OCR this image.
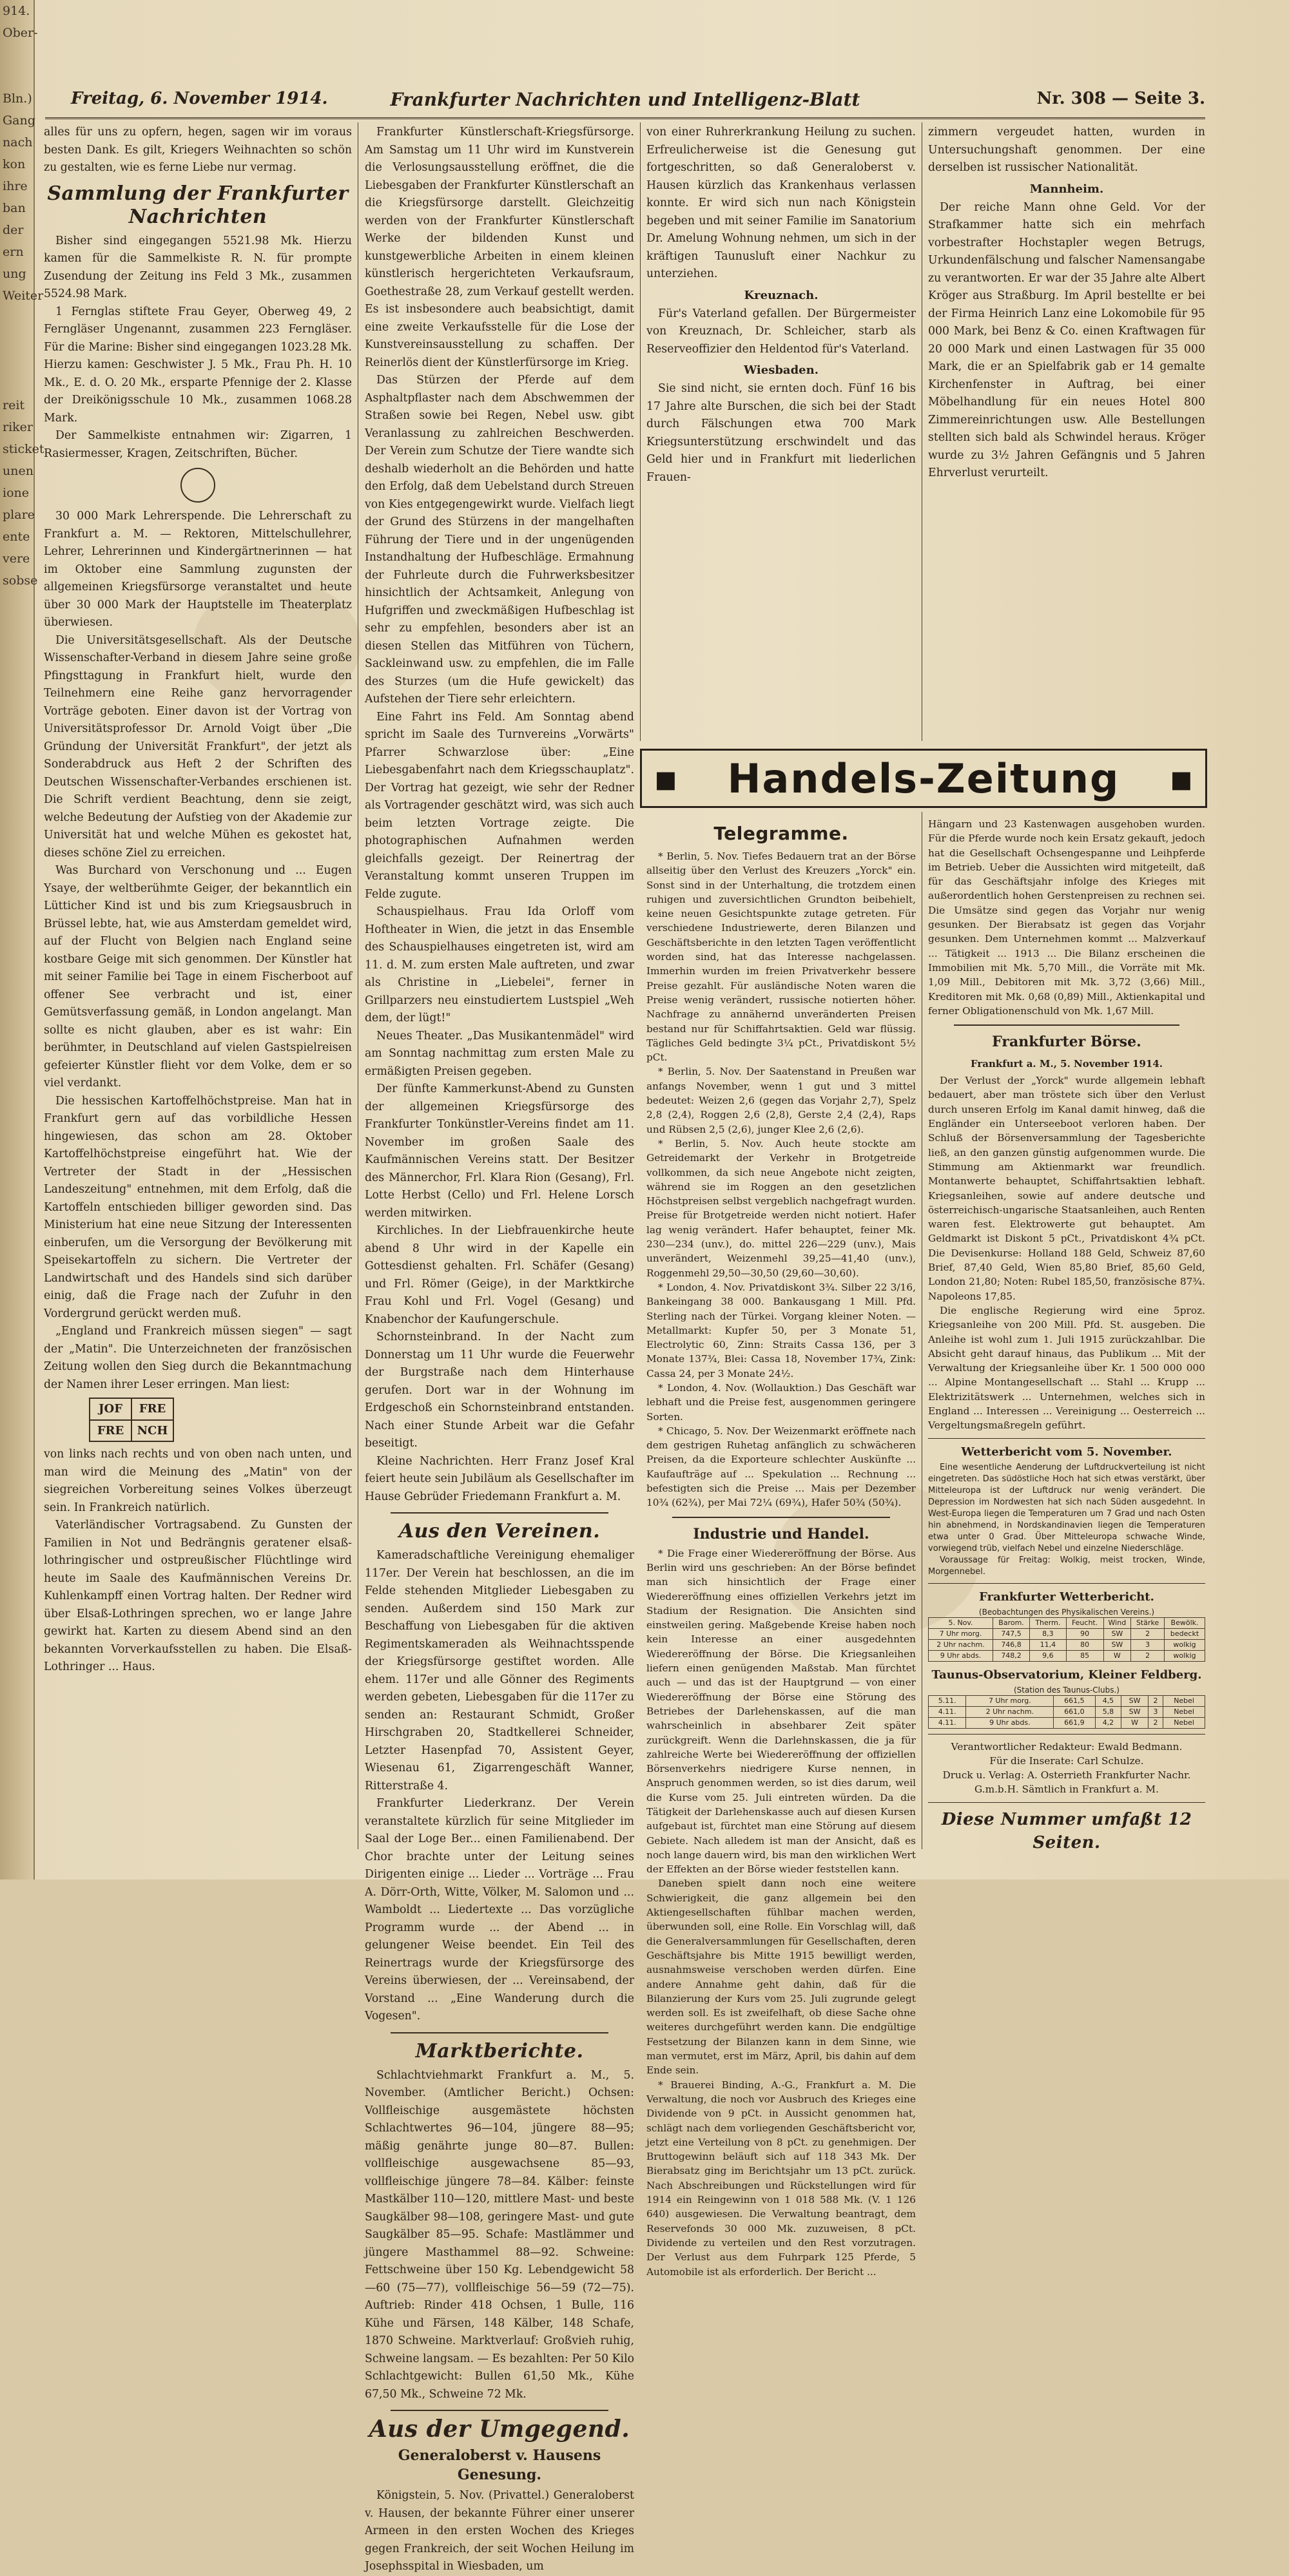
914.
Ober-

Bln.)
Gang
nach
kon
ihre
ban
der
ern
ung
Weiter

reit
riker
sticket
unen
ione
plare
ente
vere
sobse
Freitag, 6. November 1914.	Frankfurter Nachrichten und Intelligenz-Blatt	Nr. 308 — Seite 3.

alles für uns zu opfern, hegen, sagen wir im voraus besten Dank. Es gilt, Kriegers Weihnachten so schön zu gestalten, wie es ferne Liebe nur vermag.

Sammlung der Frankfurter Nachrichten

Bisher sind eingegangen 5521.98 Mk. Hierzu kamen für die Sammelkiste R. N. für prompte Zusendung der Zeitung ins Feld 3 Mk., zusammen 5524.98 Mark.

1 Fernglas stiftete Frau Geyer, Oberweg 49, 2 Ferngläser Ungenannt, zusammen 223 Ferngläser. Für die Marine: Bisher sind eingegangen 1023.28 Mk. Hierzu kamen: Geschwister J. 5 Mk., Frau Ph. H. 10 Mk., E. d. O. 20 Mk., ersparte Pfennige der 2. Klasse der Dreikönigsschule 10 Mk., zusammen 1068.28 Mark.

Der Sammelkiste entnahmen wir: Zigarren, 1 Rasiermesser, Kragen, Zeitschriften, Bücher.

30 000 Mark Lehrerspende. Die Lehrerschaft zu Frankfurt a. M. — Rektoren, Mittelschullehrer, Lehrer, Lehrerinnen und Kindergärtnerinnen — hat im Oktober eine Sammlung zugunsten der allgemeinen Kriegsfürsorge veranstaltet und heute über 30 000 Mark der Hauptstelle im Theaterplatz überwiesen.

Die Universitätsgesellschaft. Als der Deutsche Wissenschafter-Verband in diesem Jahre seine große Pfingsttagung in Frankfurt hielt, wurde den Teilnehmern eine Reihe ganz hervorragender Vorträge geboten. Einer davon ist der Vortrag von Universitätsprofessor Dr. Arnold Voigt über „Die Gründung der Universität Frankfurt", der jetzt als Sonderabdruck aus Heft 2 der Schriften des Deutschen Wissenschafter-Verbandes erschienen ist. Die Schrift verdient Beachtung, denn sie zeigt, welche Bedeutung der Aufstieg von der Akademie zur Universität hat und welche Mühen es gekostet hat, dieses schöne Ziel zu erreichen.

Was Burchard von Verschonung und ... Eugen Ysaye, der weltberühmte Geiger, der bekanntlich ein Lütticher Kind ist und bis zum Kriegsausbruch in Brüssel lebte, hat, wie aus Amsterdam gemeldet wird, auf der Flucht von Belgien nach England seine kostbare Geige mit sich genommen. Der Künstler hat mit seiner Familie bei Tage in einem Fischerboot auf offener See verbracht und ist, einer Gemütsverfassung gemäß, in London angelangt. Man sollte es nicht glauben, aber es ist wahr: Ein berühmter, in Deutschland auf vielen Gastspielreisen gefeierter Künstler flieht vor dem Volke, dem er so viel verdankt.

Die hessischen Kartoffelhöchstpreise. Man hat in Frankfurt gern auf das vorbildliche Hessen hingewiesen, das schon am 28. Oktober Kartoffelhöchstpreise eingeführt hat. Wie der Vertreter der Stadt in der „Hessischen Landeszeitung" entnehmen, mit dem Erfolg, daß die Kartoffeln entschieden billiger geworden sind. Das Ministerium hat eine neue Sitzung der Interessenten einberufen, um die Versorgung der Bevölkerung mit Speisekartoffeln zu sichern. Die Vertreter der Landwirtschaft und des Handels sind sich darüber einig, daß die Frage nach der Zufuhr in den Vordergrund gerückt werden muß.

„England und Frankreich müssen siegen" — sagt der „Matin". Die Unterzeichneten der französischen Zeitung wollen den Sieg durch die Bekanntmachung der Namen ihrer Leser erringen. Man liest:

JOF	FRE
FRE	NCH

von links nach rechts und von oben nach unten, und man wird die Meinung des „Matin" von der siegreichen Vorbereitung seines Volkes überzeugt sein. In Frankreich natürlich.

Vaterländischer Vortragsabend. Zu Gunsten der Familien in Not und Bedrängnis geratener elsaß-lothringischer und ostpreußischer Flüchtlinge wird heute im Saale des Kaufmännischen Vereins Dr. Kuhlenkampff einen Vortrag halten. Der Redner wird über Elsaß-Lothringen sprechen, wo er lange Jahre gewirkt hat. Karten zu diesem Abend sind an den bekannten Vorverkaufsstellen zu haben. Die Elsaß-Lothringer ... Haus.

Frankfurter Künstlerschaft-Kriegsfürsorge. Am Samstag um 11 Uhr wird im Kunstverein die Verlosungsausstellung eröffnet, die die Liebesgaben der Frankfurter Künstlerschaft an die Kriegsfürsorge darstellt. Gleichzeitig werden von der Frankfurter Künstlerschaft Werke der bildenden Kunst und kunstgewerbliche Arbeiten in einem kleinen künstlerisch hergerichteten Verkaufsraum, Goethestraße 28, zum Verkauf gestellt werden. Es ist insbesondere auch beabsichtigt, damit eine zweite Verkaufsstelle für die Lose der Kunstvereinsausstellung zu schaffen. Der Reinerlös dient der Künstlerfürsorge im Krieg.

Das Stürzen der Pferde auf dem Asphaltpflaster nach dem Abschwemmen der Straßen sowie bei Regen, Nebel usw. gibt Veranlassung zu zahlreichen Beschwerden. Der Verein zum Schutze der Tiere wandte sich deshalb wiederholt an die Behörden und hatte den Erfolg, daß dem Uebelstand durch Streuen von Kies entgegengewirkt wurde. Vielfach liegt der Grund des Stürzens in der mangelhaften Führung der Tiere und in der ungenügenden Instandhaltung der Hufbeschläge. Ermahnung der Fuhrleute durch die Fuhrwerksbesitzer hinsichtlich der Achtsamkeit, Anlegung von Hufgriffen und zweckmäßigen Hufbeschlag ist sehr zu empfehlen, besonders aber ist an diesen Stellen das Mitführen von Tüchern, Sackleinwand usw. zu empfehlen, die im Falle des Sturzes (um die Hufe gewickelt) das Aufstehen der Tiere sehr erleichtern.

Eine Fahrt ins Feld. Am Sonntag abend spricht im Saale des Turnvereins „Vorwärts" Pfarrer Schwarzlose über: „Eine Liebesgabenfahrt nach dem Kriegsschauplatz". Der Vortrag hat gezeigt, wie sehr der Redner als Vortragender geschätzt wird, was sich auch beim letzten Vortrage zeigte. Die photographischen Aufnahmen werden gleichfalls gezeigt. Der Reinertrag der Veranstaltung kommt unseren Truppen im Felde zugute.

Schauspielhaus. Frau Ida Orloff vom Hoftheater in Wien, die jetzt in das Ensemble des Schauspielhauses eingetreten ist, wird am 11. d. M. zum ersten Male auftreten, und zwar als Christine in „Liebelei", ferner in Grillparzers neu einstudiertem Lustspiel „Weh dem, der lügt!"

Neues Theater. „Das Musikantenmädel" wird am Sonntag nachmittag zum ersten Male zu ermäßigten Preisen gegeben.

Der fünfte Kammerkunst-Abend zu Gunsten der allgemeinen Kriegsfürsorge des Frankfurter Tonkünstler-Vereins findet am 11. November im großen Saale des Kaufmännischen Vereins statt. Der Besitzer des Männerchor, Frl. Klara Rion (Gesang), Frl. Lotte Herbst (Cello) und Frl. Helene Lorsch werden mitwirken.

Kirchliches. In der Liebfrauenkirche heute abend 8 Uhr wird in der Kapelle ein Gottesdienst gehalten. Frl. Schäfer (Gesang) und Frl. Römer (Geige), in der Marktkirche Frau Kohl und Frl. Vogel (Gesang) und Knabenchor der Kaufungerschule.

Schornsteinbrand. In der Nacht zum Donnerstag um 11 Uhr wurde die Feuerwehr der Burgstraße nach dem Hinterhause gerufen. Dort war in der Wohnung im Erdgeschoß ein Schornsteinbrand entstanden. Nach einer Stunde Arbeit war die Gefahr beseitigt.

Kleine Nachrichten. Herr Franz Josef Kral feiert heute sein Jubiläum als Gesellschafter im Hause Gebrüder Friedemann Frankfurt a. M.

Aus den Vereinen.

Kameradschaftliche Vereinigung ehemaliger 117er. Der Verein hat beschlossen, an die im Felde stehenden Mitglieder Liebesgaben zu senden. Außerdem sind 150 Mark zur Beschaffung von Liebesgaben für die aktiven Regimentskameraden als Weihnachtsspende der Kriegsfürsorge gestiftet worden. Alle ehem. 117er und alle Gönner des Regiments werden gebeten, Liebesgaben für die 117er zu senden an: Restaurant Schmidt, Großer Hirschgraben 20, Stadtkellerei Schneider, Letzter Hasenpfad 70, Assistent Geyer, Wiesenau 61, Zigarrengeschäft Wanner, Ritterstraße 4.

Frankfurter Liederkranz. Der Verein veranstaltete kürzlich für seine Mitglieder im Saal der Loge Ber... einen Familienabend. Der Chor brachte unter der Leitung seines Dirigenten einige ... Lieder ... Vorträge ... Frau A. Dörr-Orth, Witte, Völker, M. Salomon und ... Wamboldt ... Liedertexte ... Das vorzügliche Programm wurde ... der Abend ... in gelungener Weise beendet. Ein Teil des Reinertrags wurde der Kriegsfürsorge des Vereins überwiesen, der ... Vereinsabend, der Vorstand ... „Eine Wanderung durch die Vogesen".

Marktberichte.

Schlachtviehmarkt Frankfurt a. M., 5. November. (Amtlicher Bericht.) Ochsen: Vollfleischige ausgemästete höchsten Schlachtwertes 96—104, jüngere 88—95; mäßig genährte junge 80—87. Bullen: vollfleischige ausgewachsene 85—93, vollfleischige jüngere 78—84. Kälber: feinste Mastkälber 110—120, mittlere Mast- und beste Saugkälber 98—108, geringere Mast- und gute Saugkälber 85—95. Schafe: Mastlämmer und jüngere Masthammel 88—92. Schweine: Fettschweine über 150 Kg. Lebendgewicht 58—60 (75—77), vollfleischige 56—59 (72—75). Auftrieb: Rinder 418 Ochsen, 1 Bulle, 116 Kühe und Färsen, 148 Kälber, 148 Schafe, 1870 Schweine. Marktverlauf: Großvieh ruhig, Schweine langsam. — Es bezahlten: Per 50 Kilo Schlachtgewicht: Bullen 61,50 Mk., Kühe 67,50 Mk., Schweine 72 Mk.

Aus der Umgegend.
Generaloberst v. Hausens Genesung.

Königstein, 5. Nov. (Privattel.) Generaloberst v. Hausen, der bekannte Führer einer unserer Armeen in den ersten Wochen des Krieges gegen Frankreich, der seit Wochen Heilung im Josephsspital in Wiesbaden, um

von einer Ruhrerkrankung Heilung zu suchen. Erfreulicherweise ist die Genesung gut fortgeschritten, so daß Generaloberst v. Hausen kürzlich das Krankenhaus verlassen konnte. Er wird sich nun nach Königstein begeben und mit seiner Familie im Sanatorium Dr. Amelung Wohnung nehmen, um sich in der kräftigen Taunusluft einer Nachkur zu unterziehen.

Kreuznach.

Für's Vaterland gefallen. Der Bürgermeister von Kreuznach, Dr. Schleicher, starb als Reserveoffizier den Heldentod für's Vaterland.

Wiesbaden.

Sie sind nicht, sie ernten doch. Fünf 16 bis 17 Jahre alte Burschen, die sich bei der Stadt durch Fälschungen etwa 700 Mark Kriegsunterstützung erschwindelt und das Geld hier und in Frankfurt mit liederlichen Frauen-

zimmern vergeudet hatten, wurden in Untersuchungshaft genommen. Der eine derselben ist russischer Nationalität.

Mannheim.

Der reiche Mann ohne Geld. Vor der Strafkammer hatte sich ein mehrfach vorbestrafter Hochstapler wegen Betrugs, Urkundenfälschung und falscher Namensangabe zu verantworten. Er war der 35 Jahre alte Albert Kröger aus Straßburg. Im April bestellte er bei der Firma Heinrich Lanz eine Lokomobile für 95 000 Mark, bei Benz & Co. einen Kraftwagen für 20 000 Mark und einen Lastwagen für 35 000 Mark, die er an Spielfabrik gab er 14 gemalte Kirchenfenster in Auftrag, bei einer Möbelhandlung für ein neues Hotel 800 Zimmereinrichtungen usw. Alle Bestellungen stellten sich bald als Schwindel heraus. Kröger wurde zu 3½ Jahren Gefängnis und 5 Jahren Ehrverlust verurteilt.

▪ Handels-Zeitung ▪
Telegramme.

* Berlin, 5. Nov. Tiefes Bedauern trat an der Börse allseitig über den Verlust des Kreuzers „Yorck" ein. Sonst sind in der Unterhaltung, die trotzdem einen ruhigen und zuversichtlichen Grundton beibehielt, keine neuen Gesichtspunkte zutage getreten. Für verschiedene Industriewerte, deren Bilanzen und Geschäftsberichte in den letzten Tagen veröffentlicht worden sind, hat das Interesse nachgelassen. Immerhin wurden im freien Privatverkehr bessere Preise gezahlt. Für ausländische Noten waren die Preise wenig verändert, russische notierten höher. Nachfrage zu annähernd unveränderten Preisen bestand nur für Schiffahrtsaktien. Geld war flüssig. Tägliches Geld bedingte 3¼ pCt., Privatdiskont 5½ pCt.

* Berlin, 5. Nov. Der Saatenstand in Preußen war anfangs November, wenn 1 gut und 3 mittel bedeutet: Weizen 2,6 (gegen das Vorjahr 2,7), Spelz 2,8 (2,4), Roggen 2,6 (2,8), Gerste 2,4 (2,4), Raps und Rübsen 2,5 (2,6), junger Klee 2,6 (2,6).

* Berlin, 5. Nov. Auch heute stockte am Getreidemarkt der Verkehr in Brotgetreide vollkommen, da sich neue Angebote nicht zeigten, während sie im Roggen an den gesetzlichen Höchstpreisen selbst vergeblich nachgefragt wurden. Preise für Brotgetreide werden nicht notiert. Hafer lag wenig verändert. Hafer behauptet, feiner Mk. 230—234 (unv.), do. mittel 226—229 (unv.), Mais unverändert, Weizenmehl 39,25—41,40 (unv.), Roggenmehl 29,50—30,50 (29,60—30,60).

* London, 4. Nov. Privatdiskont 3¾. Silber 22 3/16, Bankeingang 38 000. Bankausgang 1 Mill. Pfd. Sterling nach der Türkei. Vorgang kleiner Noten. — Metallmarkt: Kupfer 50, per 3 Monate 51, Electrolytic 60, Zinn: Straits Cassa 136, per 3 Monate 137¾, Blei: Cassa 18, November 17¾, Zink: Cassa 24, per 3 Monate 24½.

* London, 4. Nov. (Wollauktion.) Das Geschäft war lebhaft und die Preise fest, ausgenommen geringere Sorten.

* Chicago, 5. Nov. Der Weizenmarkt eröffnete nach dem gestrigen Ruhetag anfänglich zu schwächeren Preisen, da die Exporteure schlechter Auskünfte ... Kaufaufträge auf ... Spekulation ... Rechnung ... befestigten sich die Preise ... Mais per Dezember 10¾ (62¾), per Mai 72¼ (69¾), Hafer 50¾ (50¾).

Industrie und Handel.

* Die Frage einer Wiedereröffnung der Börse. Aus Berlin wird uns geschrieben: An der Börse befindet man sich hinsichtlich der Frage einer Wiedereröffnung eines offiziellen Verkehrs jetzt im Stadium der Resignation. Die Ansichten sind einstweilen gering. Maßgebende Kreise haben noch kein Interesse an einer ausgedehnten Wiedereröffnung der Börse. Die Kriegsanleihen liefern einen genügenden Maßstab. Man fürchtet auch — und das ist der Hauptgrund — von einer Wiedereröffnung der Börse eine Störung des Betriebes der Darlehenskassen, auf die man wahrscheinlich in absehbarer Zeit später zurückgreift. Wenn die Darlehnskassen, die ja für zahlreiche Werte bei Wiedereröffnung der offiziellen Börsenverkehrs niedrigere Kurse nennen, in Anspruch genommen werden, so ist dies darum, weil die Kurse vom 25. Juli eintreten würden. Da die Tätigkeit der Darlehenskasse auch auf diesen Kursen aufgebaut ist, fürchtet man eine Störung auf diesem Gebiete. Nach alledem ist man der Ansicht, daß es noch lange dauern wird, bis man den wirklichen Wert der Effekten an der Börse wieder feststellen kann.

Daneben spielt dann noch eine weitere Schwierigkeit, die ganz allgemein bei den Aktiengesellschaften fühlbar machen werden, überwunden soll, eine Rolle. Ein Vorschlag will, daß die Generalversammlungen für Gesellschaften, deren Geschäftsjahre bis Mitte 1915 bewilligt werden, ausnahmsweise verschoben werden dürfen. Eine andere Annahme geht dahin, daß für die Bilanzierung der Kurs vom 25. Juli zugrunde gelegt werden soll. Es ist zweifelhaft, ob diese Sache ohne weiteres durchgeführt werden kann. Die endgültige Festsetzung der Bilanzen kann in dem Sinne, wie man vermutet, erst im März, April, bis dahin auf dem Ende sein.

* Brauerei Binding, A.-G., Frankfurt a. M. Die Verwaltung, die noch vor Ausbruch des Krieges eine Dividende von 9 pCt. in Aussicht genommen hat, schlägt nach dem vorliegenden Geschäftsbericht vor, jetzt eine Verteilung von 8 pCt. zu genehmigen. Der Bruttogewinn beläuft sich auf 118 343 Mk. Der Bierabsatz ging im Berichtsjahr um 13 pCt. zurück. Nach Abschreibungen und Rückstellungen wird für 1914 ein Reingewinn von 1 018 588 Mk. (V. 1 126 640) ausgewiesen. Die Verwaltung beantragt, dem Reservefonds 30 000 Mk. zuzuweisen, 8 pCt. Dividende zu verteilen und den Rest vorzutragen. Der Verlust aus dem Fuhrpark 125 Pferde, 5 Automobile ist als erforderlich. Der Bericht ...

Hängarn und 23 Kastenwagen ausgehoben wurden. Für die Pferde wurde noch kein Ersatz gekauft, jedoch hat die Gesellschaft Ochsengespanne und Leihpferde im Betrieb. Ueber die Aussichten wird mitgeteilt, daß für das Geschäftsjahr infolge des Krieges mit außerordentlich hohen Gerstenpreisen zu rechnen sei. Die Umsätze sind gegen das Vorjahr nur wenig gesunken. Der Bierabsatz ist gegen das Vorjahr gesunken. Dem Unternehmen kommt ... Malzverkauf ... Tätigkeit ... 1913 ... Die Bilanz erscheinen die Immobilien mit Mk. 5,70 Mill., die Vorräte mit Mk. 1,09 Mill., Debitoren mit Mk. 3,72 (3,66) Mill., Kreditoren mit Mk. 0,68 (0,89) Mill., Aktienkapital und ferner Obligationenschuld von Mk. 1,67 Mill.

Frankfurter Börse.
Frankfurt a. M., 5. November 1914.

Der Verlust der „Yorck" wurde allgemein lebhaft bedauert, aber man tröstete sich über den Verlust durch unseren Erfolg im Kanal damit hinweg, daß die Engländer ein Unterseeboot verloren haben. Der Schluß der Börsenversammlung der Tagesberichte ließ, an den ganzen günstig aufgenommen wurde. Die Stimmung am Aktienmarkt war freundlich. Montanwerte behauptet, Schiffahrtsaktien lebhaft. Kriegsanleihen, sowie auf andere deutsche und österreichisch-ungarische Staatsanleihen, auch Renten waren fest. Elektrowerte gut behauptet. Am Geldmarkt ist Diskont 5 pCt., Privatdiskont 4¾ pCt. Die Devisenkurse: Holland 188 Geld, Schweiz 87,60 Brief, 87,40 Geld, Wien 85,80 Brief, 85,60 Geld, London 21,80; Noten: Rubel 185,50, französische 87¾. Napoleons 17,85.

Die englische Regierung wird eine 5proz. Kriegsanleihe von 200 Mill. Pfd. St. ausgeben. Die Anleihe ist wohl zum 1. Juli 1915 zurückzahlbar. Die Absicht geht darauf hinaus, das Publikum ... Mit der Verwaltung der Kriegsanleihe über Kr. 1 500 000 000 ... Alpine Montangesellschaft ... Stahl ... Krupp ... Elektrizitätswerk ... Unternehmen, welches sich in England ... Interessen ... Vereinigung ... Oesterreich ... Vergeltungsmaßregeln geführt.

Wetterbericht vom 5. November.

Eine wesentliche Aenderung der Luftdruckverteilung ist nicht eingetreten. Das südöstliche Hoch hat sich etwas verstärkt, über Mitteleuropa ist der Luftdruck nur wenig verändert. Die Depression im Nordwesten hat sich nach Süden ausgedehnt. In West-Europa liegen die Temperaturen um 7 Grad und nach Osten hin abnehmend, in Nordskandinavien liegen die Temperaturen etwa unter 0 Grad. Über Mitteleuropa schwache Winde, vorwiegend trüb, vielfach Nebel und einzelne Niederschläge.

Voraussage für Freitag: Wolkig, meist trocken, Winde, Morgennebel.

Frankfurter Wetterbericht.

(Beobachtungen des Physikalischen Vereins.)

5. Nov.	Barom.	Therm.	Feucht.	Wind	Stärke	Bewölk.
7 Uhr morg.	747,5	8,3	90	SW	2	bedeckt
2 Uhr nachm.	746,8	11,4	80	SW	3	wolkig
9 Uhr abds.	748,2	9,6	85	W	2	wolkig
Taunus-Observatorium, Kleiner Feldberg.

(Station des Taunus-Clubs.)

5.11.	7 Uhr morg.	661,5	4,5	SW	2	Nebel
4.11.	2 Uhr nachm.	661,0	5,8	SW	3	Nebel
4.11.	9 Uhr abds.	661,9	4,2	W	2	Nebel

Verantwortlicher Redakteur: Ewald Bedmann.

Für die Inserate: Carl Schulze.

Druck u. Verlag: A. Osterrieth Frankfurter Nachr. G.m.b.H. Sämtlich in Frankfurt a. M.

Diese Nummer umfaßt 12 Seiten.
